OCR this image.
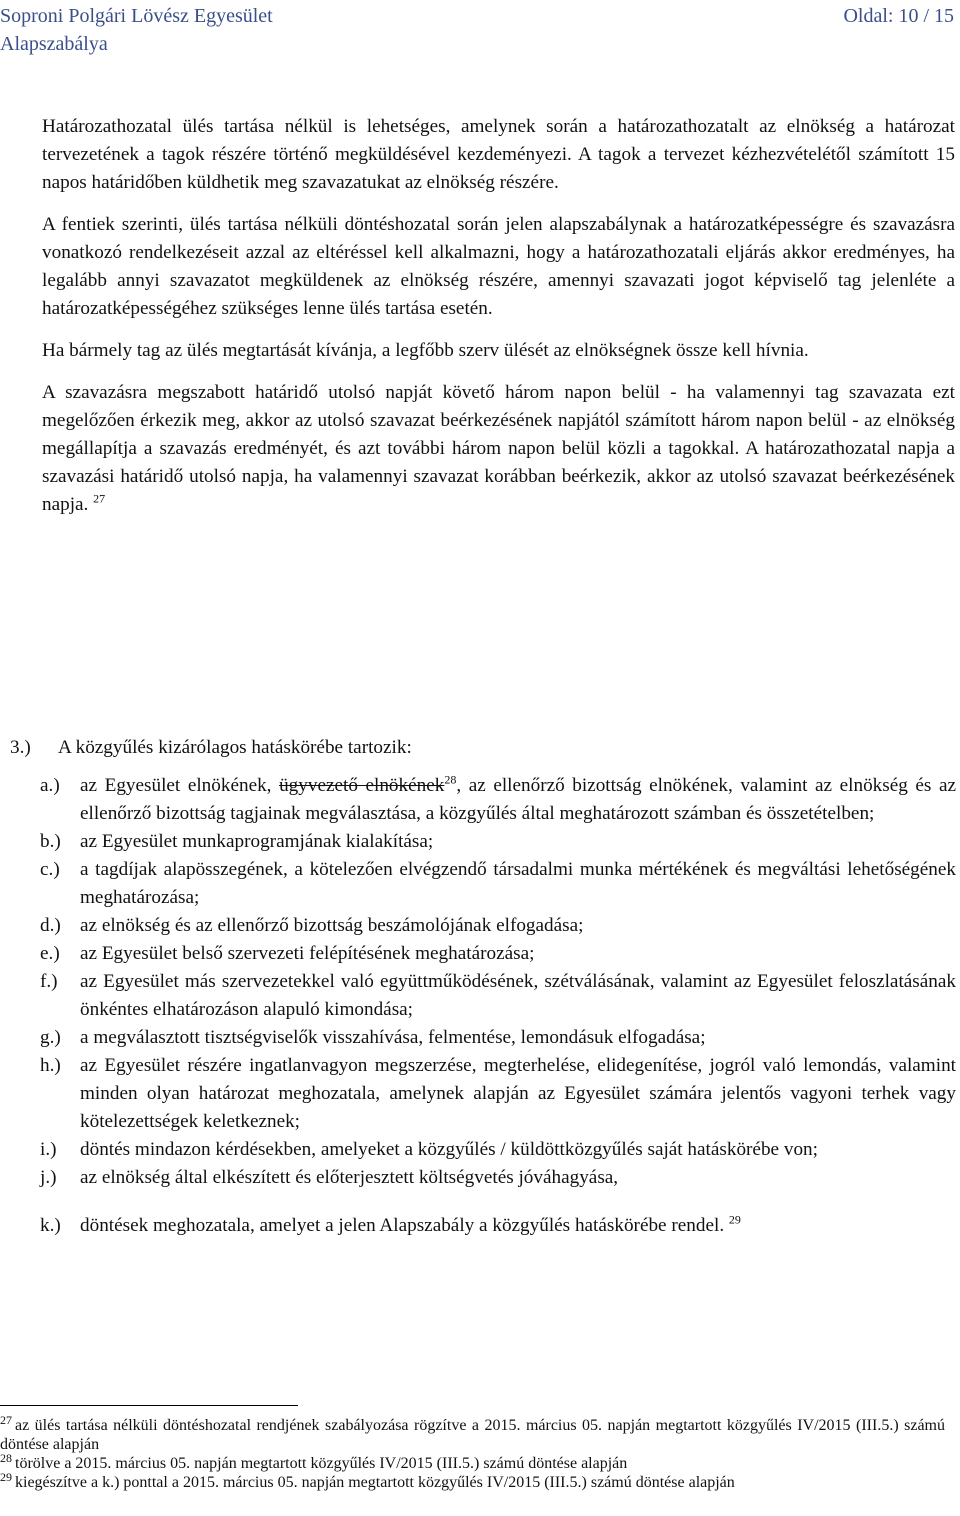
Soproni Polgári Lövész Egyesület
Alapszabálya
Oldal: 10 / 15

Határozathozatal ülés tartása nélkül is lehetséges, amelynek során a határozathozatalt az elnökség a határozat tervezetének a tagok részére történő megküldésével kezdeményezi. A tagok a tervezet kézhezvételétől számított 15 napos határidőben küldhetik meg szavazatukat az elnökség részére.

A fentiek szerinti, ülés tartása nélküli döntéshozatal során jelen alapszabálynak a határozatképességre és szavazásra vonatkozó rendelkezéseit azzal az eltéréssel kell alkalmazni, hogy a határozathozatali eljárás akkor eredményes, ha legalább annyi szavazatot megküldenek az elnökség részére, amennyi szavazati jogot képviselő tag jelenléte a határozatképességéhez szükséges lenne ülés tartása esetén.

Ha bármely tag az ülés megtartását kívánja, a legfőbb szerv ülését az elnökségnek össze kell hívnia.

A szavazásra megszabott határidő utolsó napját követő három napon belül - ha valamennyi tag szavazata ezt megelőzően érkezik meg, akkor az utolsó szavazat beérkezésének napjától számított három napon belül - az elnökség megállapítja a szavazás eredményét, és azt további három napon belül közli a tagokkal. A határozathozatal napja a szavazási határidő utolsó napja, ha valamennyi szavazat korábban beérkezik, akkor az utolsó szavazat beérkezésének napja. $^{27}$

3.) A közgyűlés kizárólagos hatáskörébe tartozik:
a.)	az Egyesület elnökének, ügyvezető elnökének$^{28}$, az ellenőrző bizottság elnökének, valamint az elnökség és az ellenőrző bizottság tagjainak megválasztása, a közgyűlés által meghatározott számban és összetételben;
b.)	az Egyesület munkaprogramjának kialakítása;
c.)	a tagdíjak alapösszegének, a kötelezően elvégzendő társadalmi munka mértékének és megváltási lehetőségének meghatározása;
d.)	az elnökség és az ellenőrző bizottság beszámolójának elfogadása;
e.)	az Egyesület belső szervezeti felépítésének meghatározása;
f.)	az Egyesület más szervezetekkel való együttműködésének, szétválásának, valamint az Egyesület feloszlatásának önkéntes elhatározáson alapuló kimondása;
g.)	a megválasztott tisztségviselők visszahívása, felmentése, lemondásuk elfogadása;
h.)	az Egyesület részére ingatlanvagyon megszerzése, megterhelése, elidegenítése, jogról való lemondás, valamint minden olyan határozat meghozatala, amelynek alapján az Egyesület számára jelentős vagyoni terhek vagy kötelezettségek keletkeznek;
i.)	döntés mindazon kérdésekben, amelyeket a közgyűlés / küldöttközgyűlés saját hatáskörébe von;
j.)	az elnökség által elkészített és előterjesztett költségvetés jóváhagyása,
k.)	döntések meghozatala, amelyet a jelen Alapszabály a közgyűlés hatáskörébe rendel. $^{29}$
$^{27}$ az ülés tartása nélküli döntéshozatal rendjének szabályozása rögzítve a 2015. március 05. napján megtartott közgyűlés IV/2015 (III.5.) számú döntése alapján
$^{28}$ törölve a 2015. március 05. napján megtartott közgyűlés IV/2015 (III.5.) számú döntése alapján
$^{29}$ kiegészítve a k.) ponttal a 2015. március 05. napján megtartott közgyűlés IV/2015 (III.5.) számú döntése alapján
